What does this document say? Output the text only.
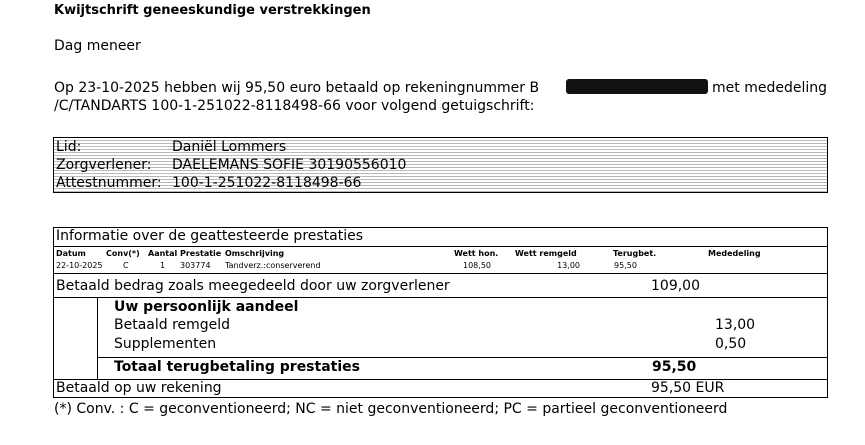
Kwijtschrift geneeskundige verstrekkingen
Dag meneer
Op 23-10-2025 hebben wij 95,50 euro betaald op rekeningnummer B	met mededeling
/C/TANDARTS 100-1-251022-8118498-66 voor volgend getuigschrift:
Lid:	Daniël Lommers
Zorgverlener: DAELEMANS SOFIE 30190556010
Attestnummer: 100-1-251022-8118498-66
Informatie over de geattesteerde prestaties
Datum	Conv(*) Aantal Prestatie Omschrijving	Wett hon. Wett remgeld	Terugbet.	Mededeling
22-10-2025	C	1 303774 Tandverz.:conserverend	108,50	13,00	95,50
Betaald bedrag zoals meegedeeld door uw zorgverlener	109,00
Uw persoonlijk aandeel
Betaald remgeld	13,00
Supplementen	0,50
Totaal terugbetaling prestaties	95,50
Betaald op uw rekening	95,50 EUR
(*) Conv. : C = geconventioneerd; NC = niet geconventioneerd; PC = partieel geconventioneerd
